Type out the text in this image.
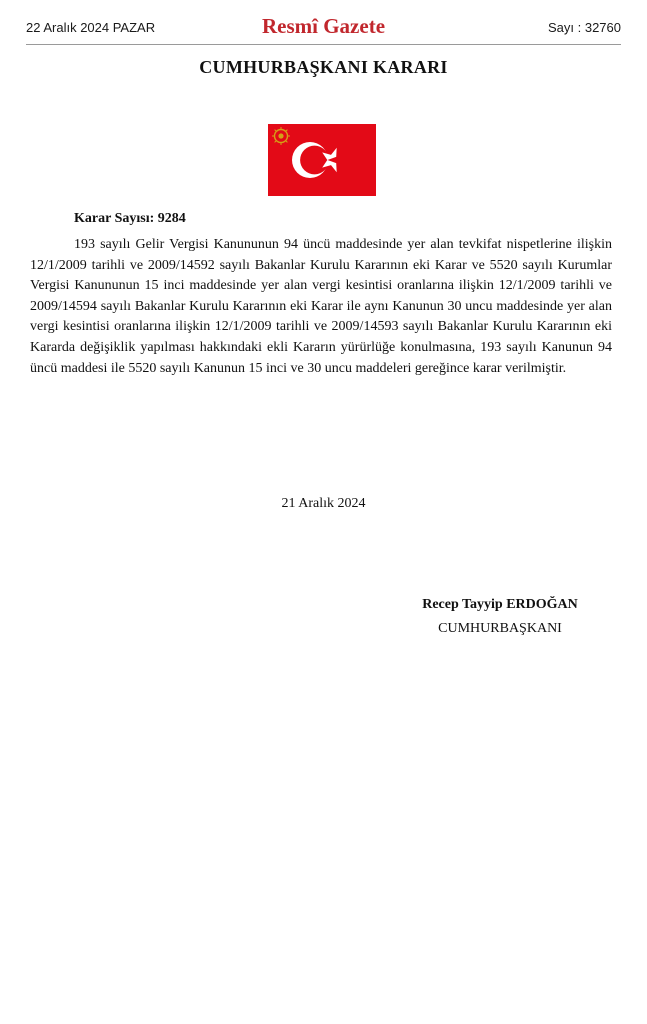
22 Aralık 2024 PAZAR	Resmî Gazete	Sayı : 32760
CUMHURBAŞKANI KARARI
Karar Sayısı: 9284

193 sayılı Gelir Vergisi Kanununun 94 üncü maddesinde yer alan tevkifat nispetlerine ilişkin 12/1/2009 tarihli ve 2009/14592 sayılı Bakanlar Kurulu Kararının eki Karar ve 5520 sayılı Kurumlar Vergisi Kanununun 15 inci maddesinde yer alan vergi kesintisi oranlarına ilişkin 12/1/2009 tarihli ve 2009/14594 sayılı Bakanlar Kurulu Kararının eki Karar ile aynı Kanunun 30 uncu maddesinde yer alan vergi kesintisi oranlarına ilişkin 12/1/2009 tarihli ve 2009/14593 sayılı Bakanlar Kurulu Kararının eki Kararda değişiklik yapılması hakkındaki ekli Kararın yürürlüğe konulmasına, 193 sayılı Kanunun 94 üncü maddesi ile 5520 sayılı Kanunun 15 inci ve 30 uncu maddeleri gereğince karar verilmiştir.

21 Aralık 2024
Recep Tayyip ERDOĞAN
CUMHURBAŞKANI
